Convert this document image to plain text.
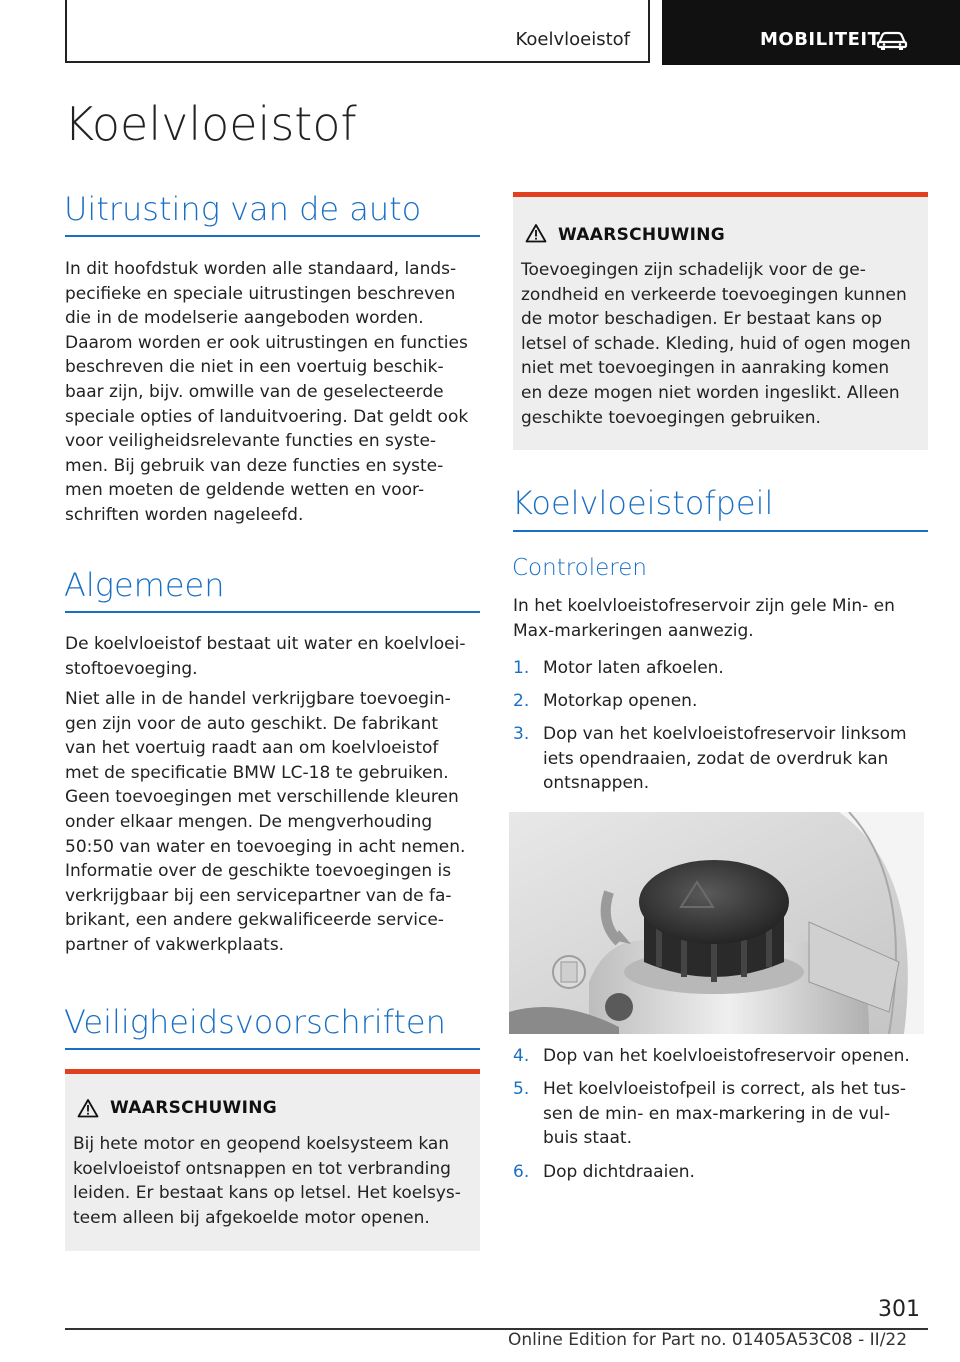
Koelvloeistof	MOBILITEIT
Koelvloeistof
Uitrusting van de auto
In dit hoofdstuk worden alle standaard, lands-
pecifieke en speciale uitrustingen beschreven
die in de modelserie aangeboden worden.
Daarom worden er ook uitrustingen en functies
beschreven die niet in een voertuig beschik-
baar zijn, bijv. omwille van de geselecteerde
speciale opties of landuitvoering. Dat geldt ook
voor veiligheidsrelevante functies en syste-
men. Bij gebruik van deze functies en syste-
men moeten de geldende wetten en voor-
schriften worden nageleefd.
Algemeen
De koelvloeistof bestaat uit water en koelvloei-
stoftoevoeging.
Niet alle in de handel verkrijgbare toevoegin-
gen zijn voor de auto geschikt. De fabrikant
van het voertuig raadt aan om koelvloeistof
met de specificatie BMW LC-18 te gebruiken.
Geen toevoegingen met verschillende kleuren
onder elkaar mengen. De mengverhouding
50:50 van water en toevoeging in acht nemen.
Informatie over de geschikte toevoegingen is
verkrijgbaar bij een servicepartner van de fa-
brikant, een andere gekwalificeerde service-
partner of vakwerkplaats.
Veiligheidsvoorschriften
WAARSCHUWING
Bij hete motor en geopend koelsysteem kan
koelvloeistof ontsnappen en tot verbranding
leiden. Er bestaat kans op letsel. Het koelsys-
teem alleen bij afgekoelde motor openen.
WAARSCHUWING
Toevoegingen zijn schadelijk voor de ge-
zondheid en verkeerde toevoegingen kunnen
de motor beschadigen. Er bestaat kans op
letsel of schade. Kleding, huid of ogen mogen
niet met toevoegingen in aanraking komen
en deze mogen niet worden ingeslikt. Alleen
geschikte toevoegingen gebruiken.
Koelvloeistofpeil
Controleren
In het koelvloeistofreservoir zijn gele Min- en
Max-markeringen aanwezig.
1. Motor laten afkoelen.
2. Motorkap openen.
3. Dop van het koelvloeistofreservoir linksom
iets opendraaien, zodat de overdruk kan
ontsnappen.
4. Dop van het koelvloeistofreservoir openen.
5. Het koelvloeistofpeil is correct, als het tus-
sen de min- en max-markering in de vul-
buis staat.
6. Dop dichtdraaien.
301
Online Edition for Part no. 01405A53C08 - II/22
